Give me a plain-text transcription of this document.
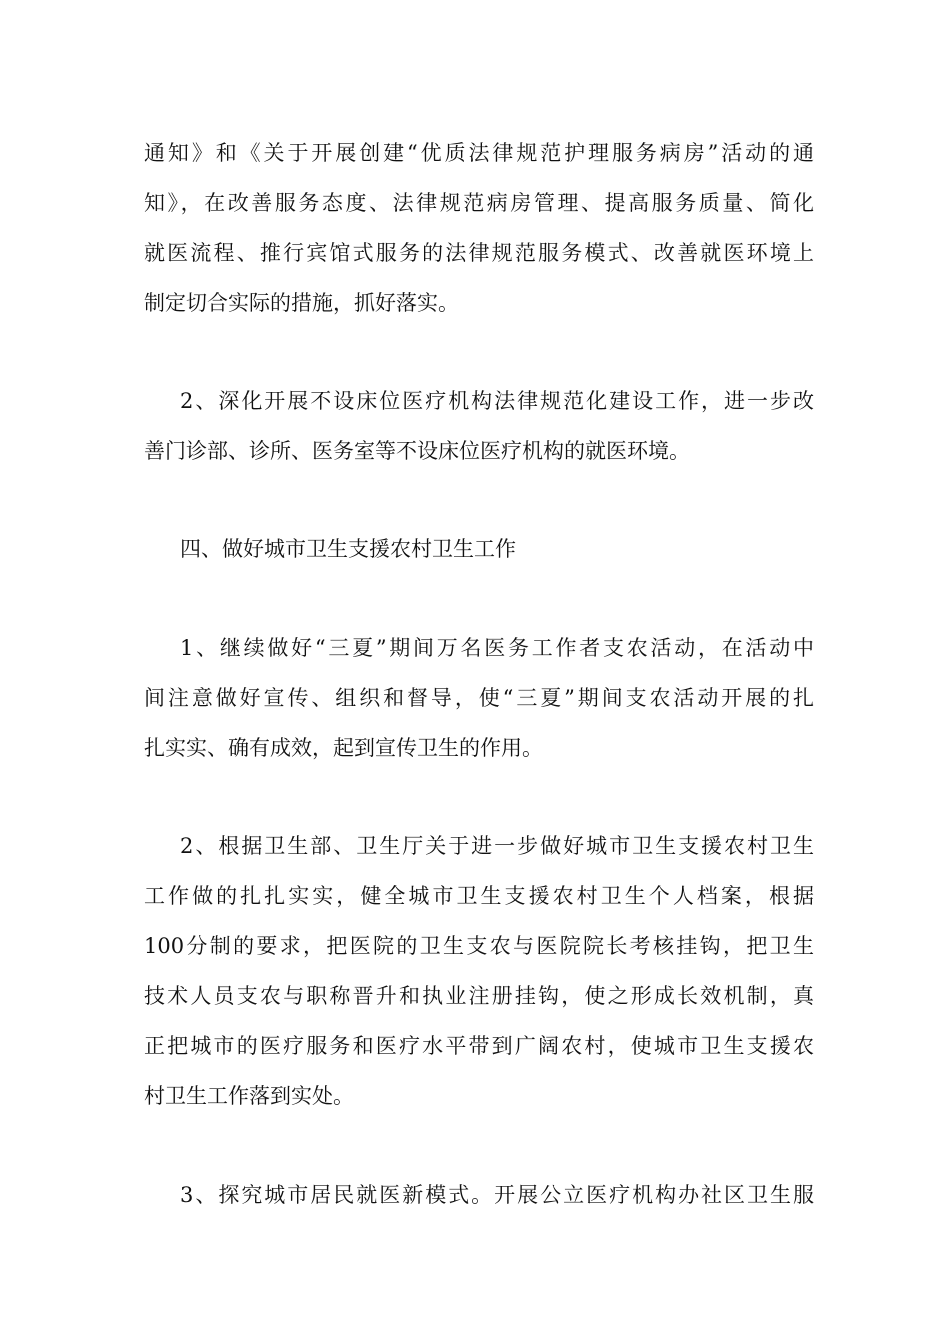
通知》和《关于开展创建“优质法律规范护理服务病房”活动的通
知》，在改善服务态度、法律规范病房管理、提高服务质量、简化
就医流程、推行宾馆式服务的法律规范服务模式、改善就医环境上
制定切合实际的措施，抓好落实。
2、深化开展不设床位医疗机构法律规范化建设工作，进一步改
善门诊部、诊所、医务室等不设床位医疗机构的就医环境。
四、做好城市卫生支援农村卫生工作
1、继续做好“三夏”期间万名医务工作者支农活动，在活动中
间注意做好宣传、组织和督导，使“三夏”期间支农活动开展的扎
扎实实、确有成效，起到宣传卫生的作用。
2、根据卫生部、卫生厅关于进一步做好城市卫生支援农村卫生
工作做的扎扎实实，健全城市卫生支援农村卫生个人档案，根据
100分制的要求，把医院的卫生支农与医院院长考核挂钩，把卫生
技术人员支农与职称晋升和执业注册挂钩，使之形成长效机制，真
正把城市的医疗服务和医疗水平带到广阔农村，使城市卫生支援农
村卫生工作落到实处。
3、探究城市居民就医新模式。开展公立医疗机构办社区卫生服
